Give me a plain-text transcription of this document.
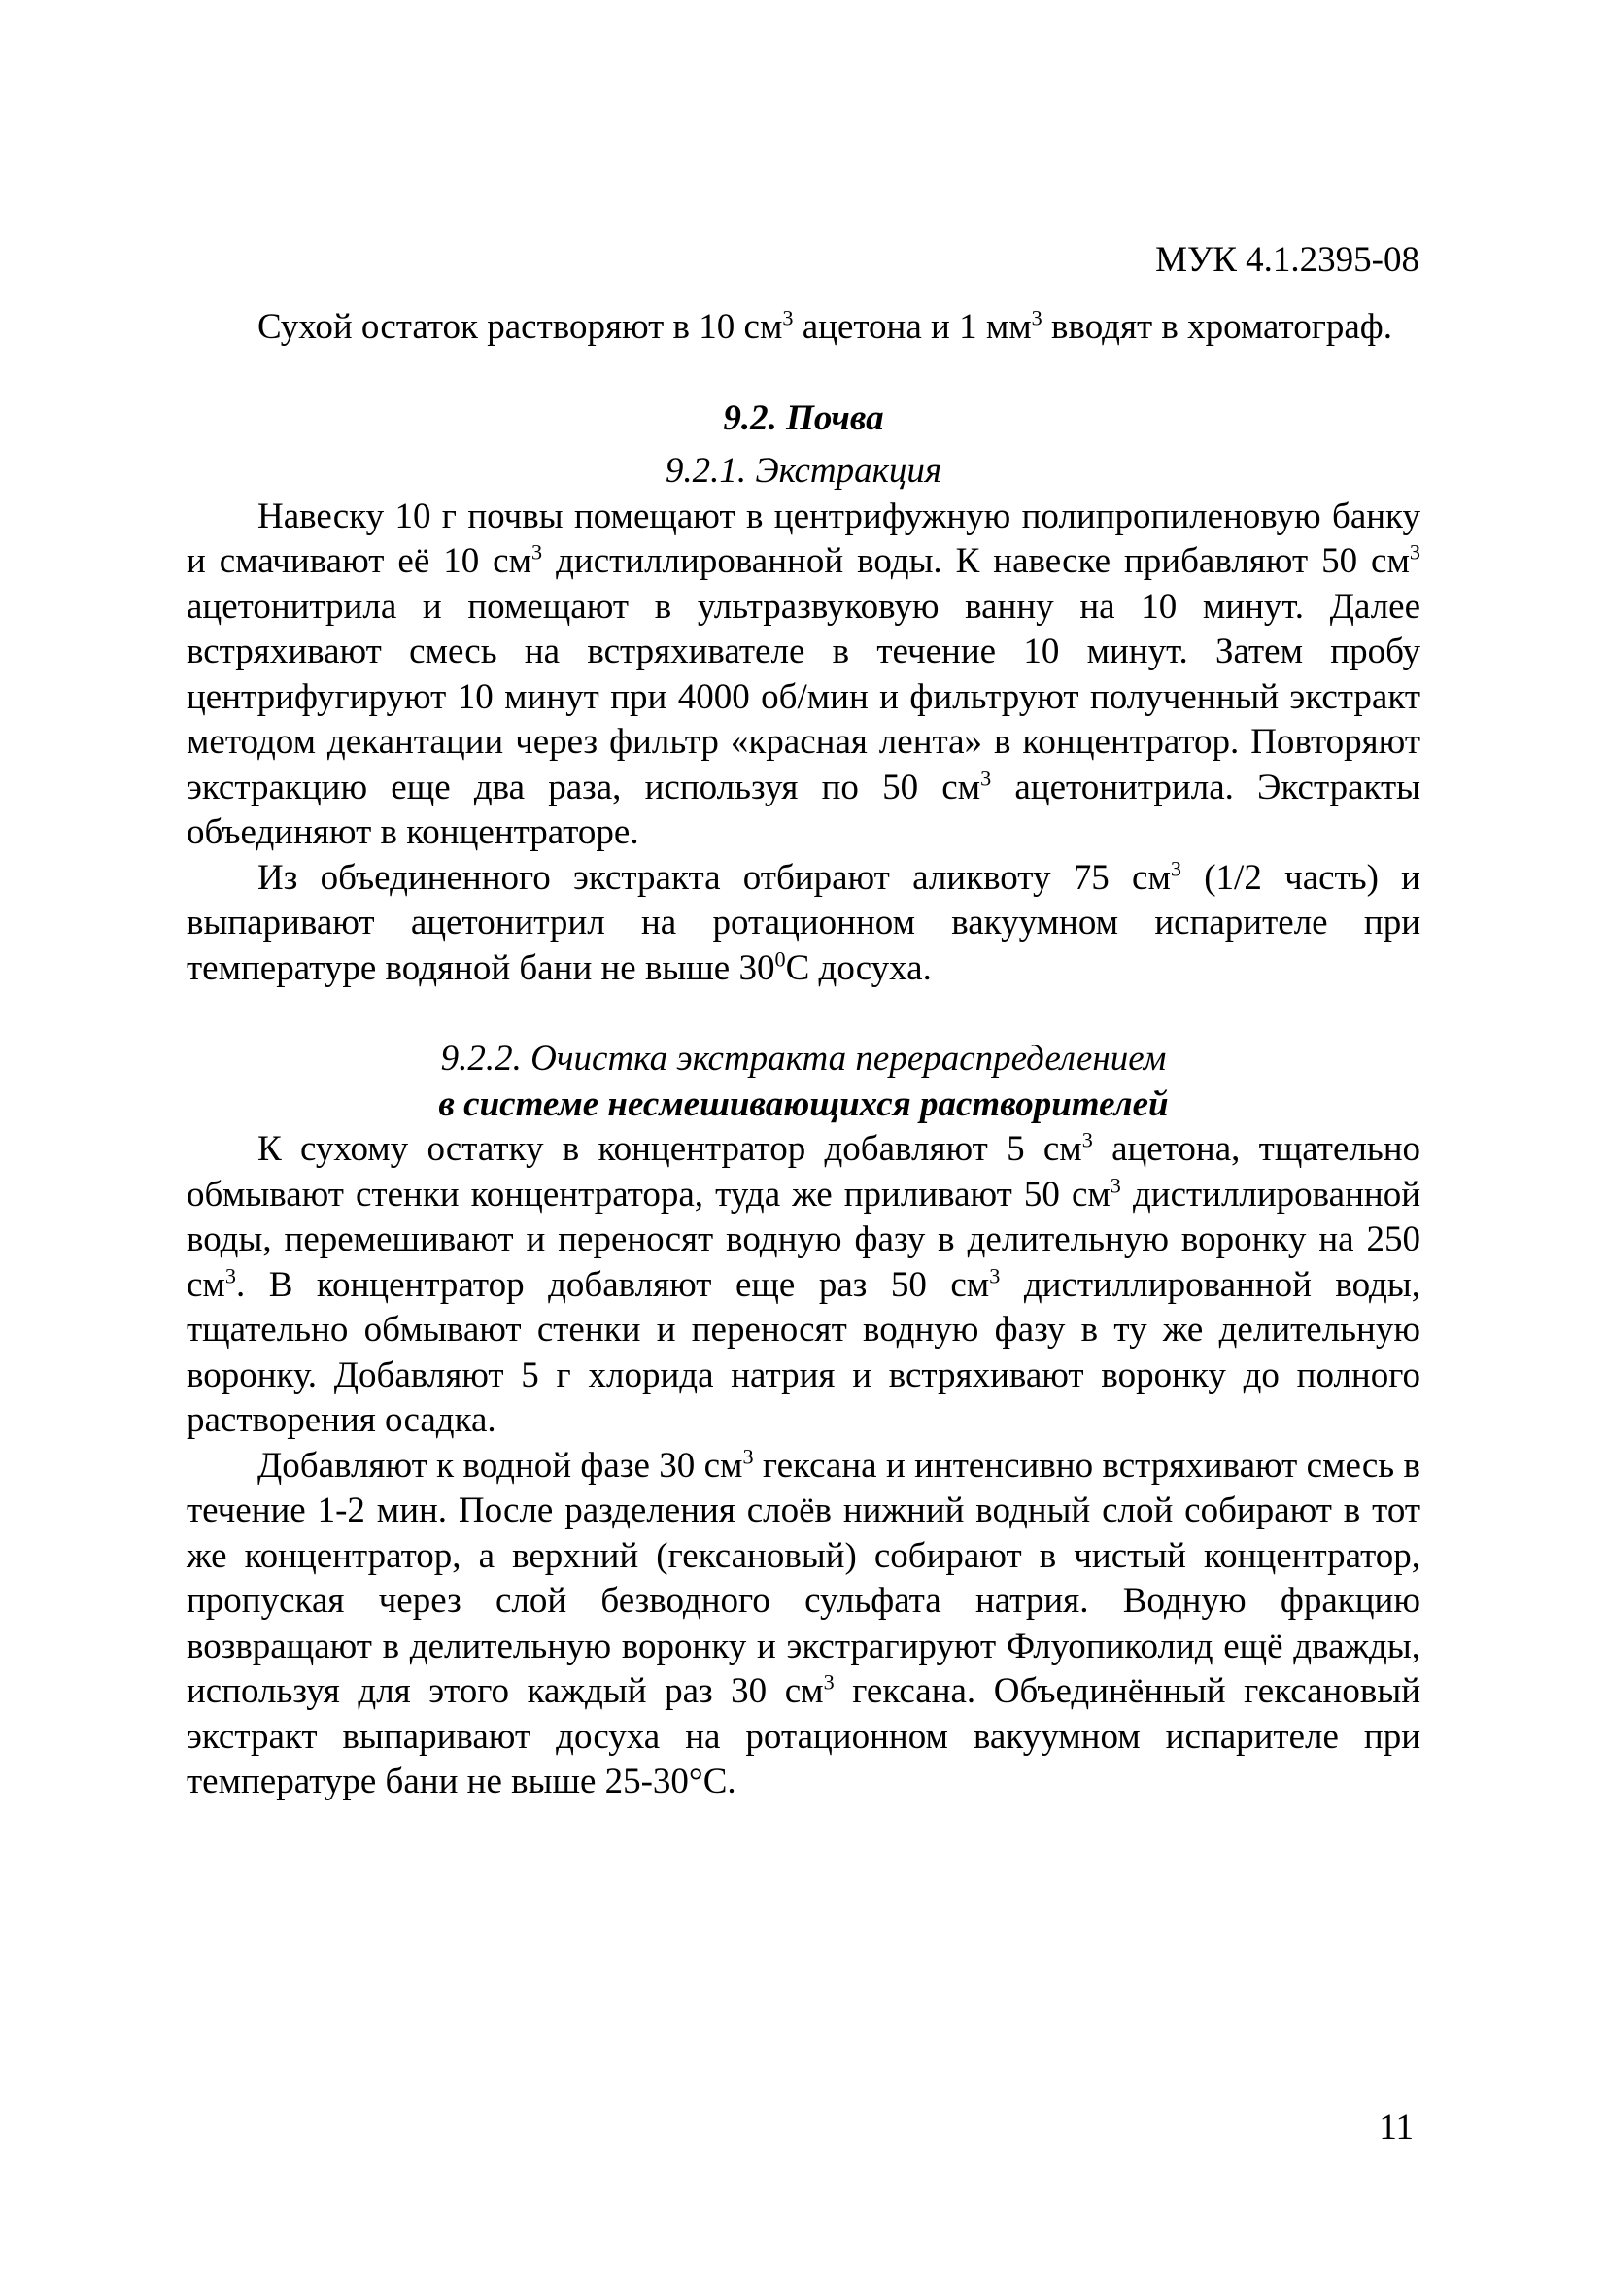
МУК 4.1.2395-08

Сухой остаток растворяют в 10 $см^3$ ацетона и 1 $мм^3$ вводят в хроматограф.

9.2. Почва
9.2.1. Экстракция

Навеску 10 г почвы помещают в центрифужную полипропиленовую банку и смачивают её 10 $см^3$ дистиллированной воды. К навеске прибавляют 50 $см^3$ ацетонитрила и помещают в ультразвуковую ванну на 10 минут. Далее встряхивают смесь на встряхивателе в течение 10 минут. Затем пробу центрифугируют 10 минут при 4000 об/мин и фильтруют полученный экстракт методом декантации через фильтр «красная лента» в концентратор. Повторяют экстракцию еще два раза, используя по 50 $см^3$ ацетонитрила. Экстракты объединяют в концентраторе.

Из объединенного экстракта отбирают аликвоту 75 $см^3$ (1/2 часть) и выпаривают ацетонитрил на ротационном вакуумном испарителе при температуре водяной бани не выше $30^0С$ досуха.

9.2.2. Очистка экстракта перераспределением
в системе несмешивающихся растворителей

К сухому остатку в концентратор добавляют 5 $см^3$ ацетона, тщательно обмывают стенки концентратора, туда же приливают 50 $см^3$ дистиллированной воды, перемешивают и переносят водную фазу в делительную воронку на 250 $см^3$. В концентратор добавляют еще раз 50 $см^3$ дистиллированной воды, тщательно обмывают стенки и переносят водную фазу в ту же делительную воронку. Добавляют 5 г хлорида натрия и встряхивают воронку до полного растворения осадка.

Добавляют к водной фазе 30 $см^3$ гексана и интенсивно встряхивают смесь в течение 1-2 мин. После разделения слоёв нижний водный слой собирают в тот же концентратор, а верхний (гексановый) собирают в чистый концентратор, пропуская через слой безводного сульфата натрия. Водную фракцию возвращают в делительную воронку и экстрагируют Флуопиколид ещё дважды, используя для этого каждый раз 30 $см^3$ гексана. Объединённый гексановый экстракт выпаривают досуха на ротационном вакуумном испарителе при температуре бани не выше 25-30°С.

11
